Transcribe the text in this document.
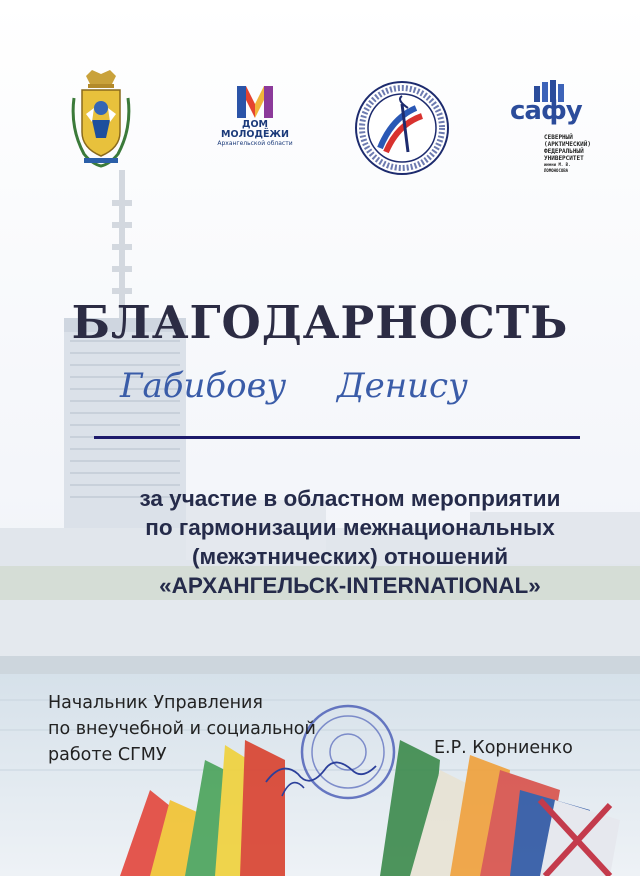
ДОМ
МОЛОДЁЖИ
Архангельской области
сафу
СЕВЕРНЫЙ
(АРКТИЧЕСКИЙ)
ФЕДЕРАЛЬНЫЙ
УНИВЕРСИТЕТ
имени М. В. ЛОМОНОСОВА
БЛАГОДАРНОСТЬ
Габибову Денису
за участие в областном мероприятии
по гармонизации межнациональных
(межэтнических) отношений
«АРХАНГЕЛЬСК-INTERNATIONAL»
Начальник Управления
по внеучебной и социальной
работе СГМУ	Е.Р. Корниенко
